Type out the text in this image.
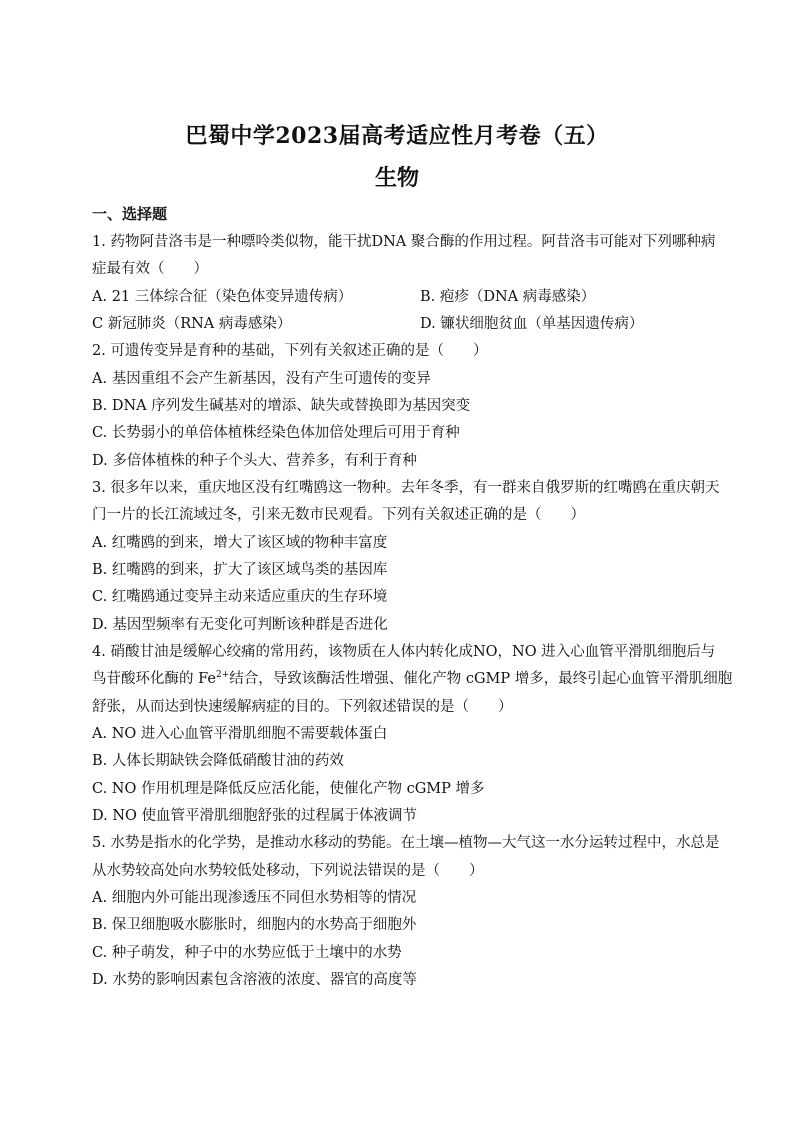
巴蜀中学2023届高考适应性月考卷（五）
生物
一、选择题
1. 药物阿昔洛韦是一种嘌呤类似物，能干扰DNA 聚合酶的作用过程。阿昔洛韦可能对下列哪种病
症最有效（　　）
A. 21 三体综合征（染色体变异遗传病）	B. 疱疹（DNA 病毒感染）
C 新冠肺炎（RNA 病毒感染）	D. 镰状细胞贫血（单基因遗传病）
2. 可遗传变异是育种的基础，下列有关叙述正确的是（　　）
A. 基因重组不会产生新基因，没有产生可遗传的变异
B. DNA 序列发生碱基对的增添、缺失或替换即为基因突变
C. 长势弱小的单倍体植株经染色体加倍处理后可用于育种
D. 多倍体植株的种子个头大、营养多，有利于育种
3. 很多年以来，重庆地区没有红嘴鸥这一物种。去年冬季，有一群来自俄罗斯的红嘴鸥在重庆朝天
门一片的长江流域过冬，引来无数市民观看。下列有关叙述正确的是（　　）
A. 红嘴鸥的到来，增大了该区域的物种丰富度
B. 红嘴鸥的到来，扩大了该区域鸟类的基因库
C. 红嘴鸥通过变异主动来适应重庆的生存环境
D. 基因型频率有无变化可判断该种群是否进化
4. 硝酸甘油是缓解心绞痛的常用药，该物质在人体内转化成NO，NO 进入心血管平滑肌细胞后与
鸟苷酸环化酶的 $Fe^{2+}$结合，导致该酶活性增强、催化产物 cGMP 增多，最终引起心血管平滑肌细胞
舒张，从而达到快速缓解病症的目的。下列叙述错误的是（　　）
A. NO 进入心血管平滑肌细胞不需要载体蛋白
B. 人体长期缺铁会降低硝酸甘油的药效
C. NO 作用机理是降低反应活化能，使催化产物 cGMP 增多
D. NO 使血管平滑肌细胞舒张的过程属于体液调节
5. 水势是指水的化学势，是推动水移动的势能。在土壤—植物—大气这一水分运转过程中，水总是
从水势较高处向水势较低处移动，下列说法错误的是（　　）
A. 细胞内外可能出现渗透压不同但水势相等的情况
B. 保卫细胞吸水膨胀时，细胞内的水势高于细胞外
C. 种子萌发，种子中的水势应低于土壤中的水势
D. 水势的影响因素包含溶液的浓度、器官的高度等
